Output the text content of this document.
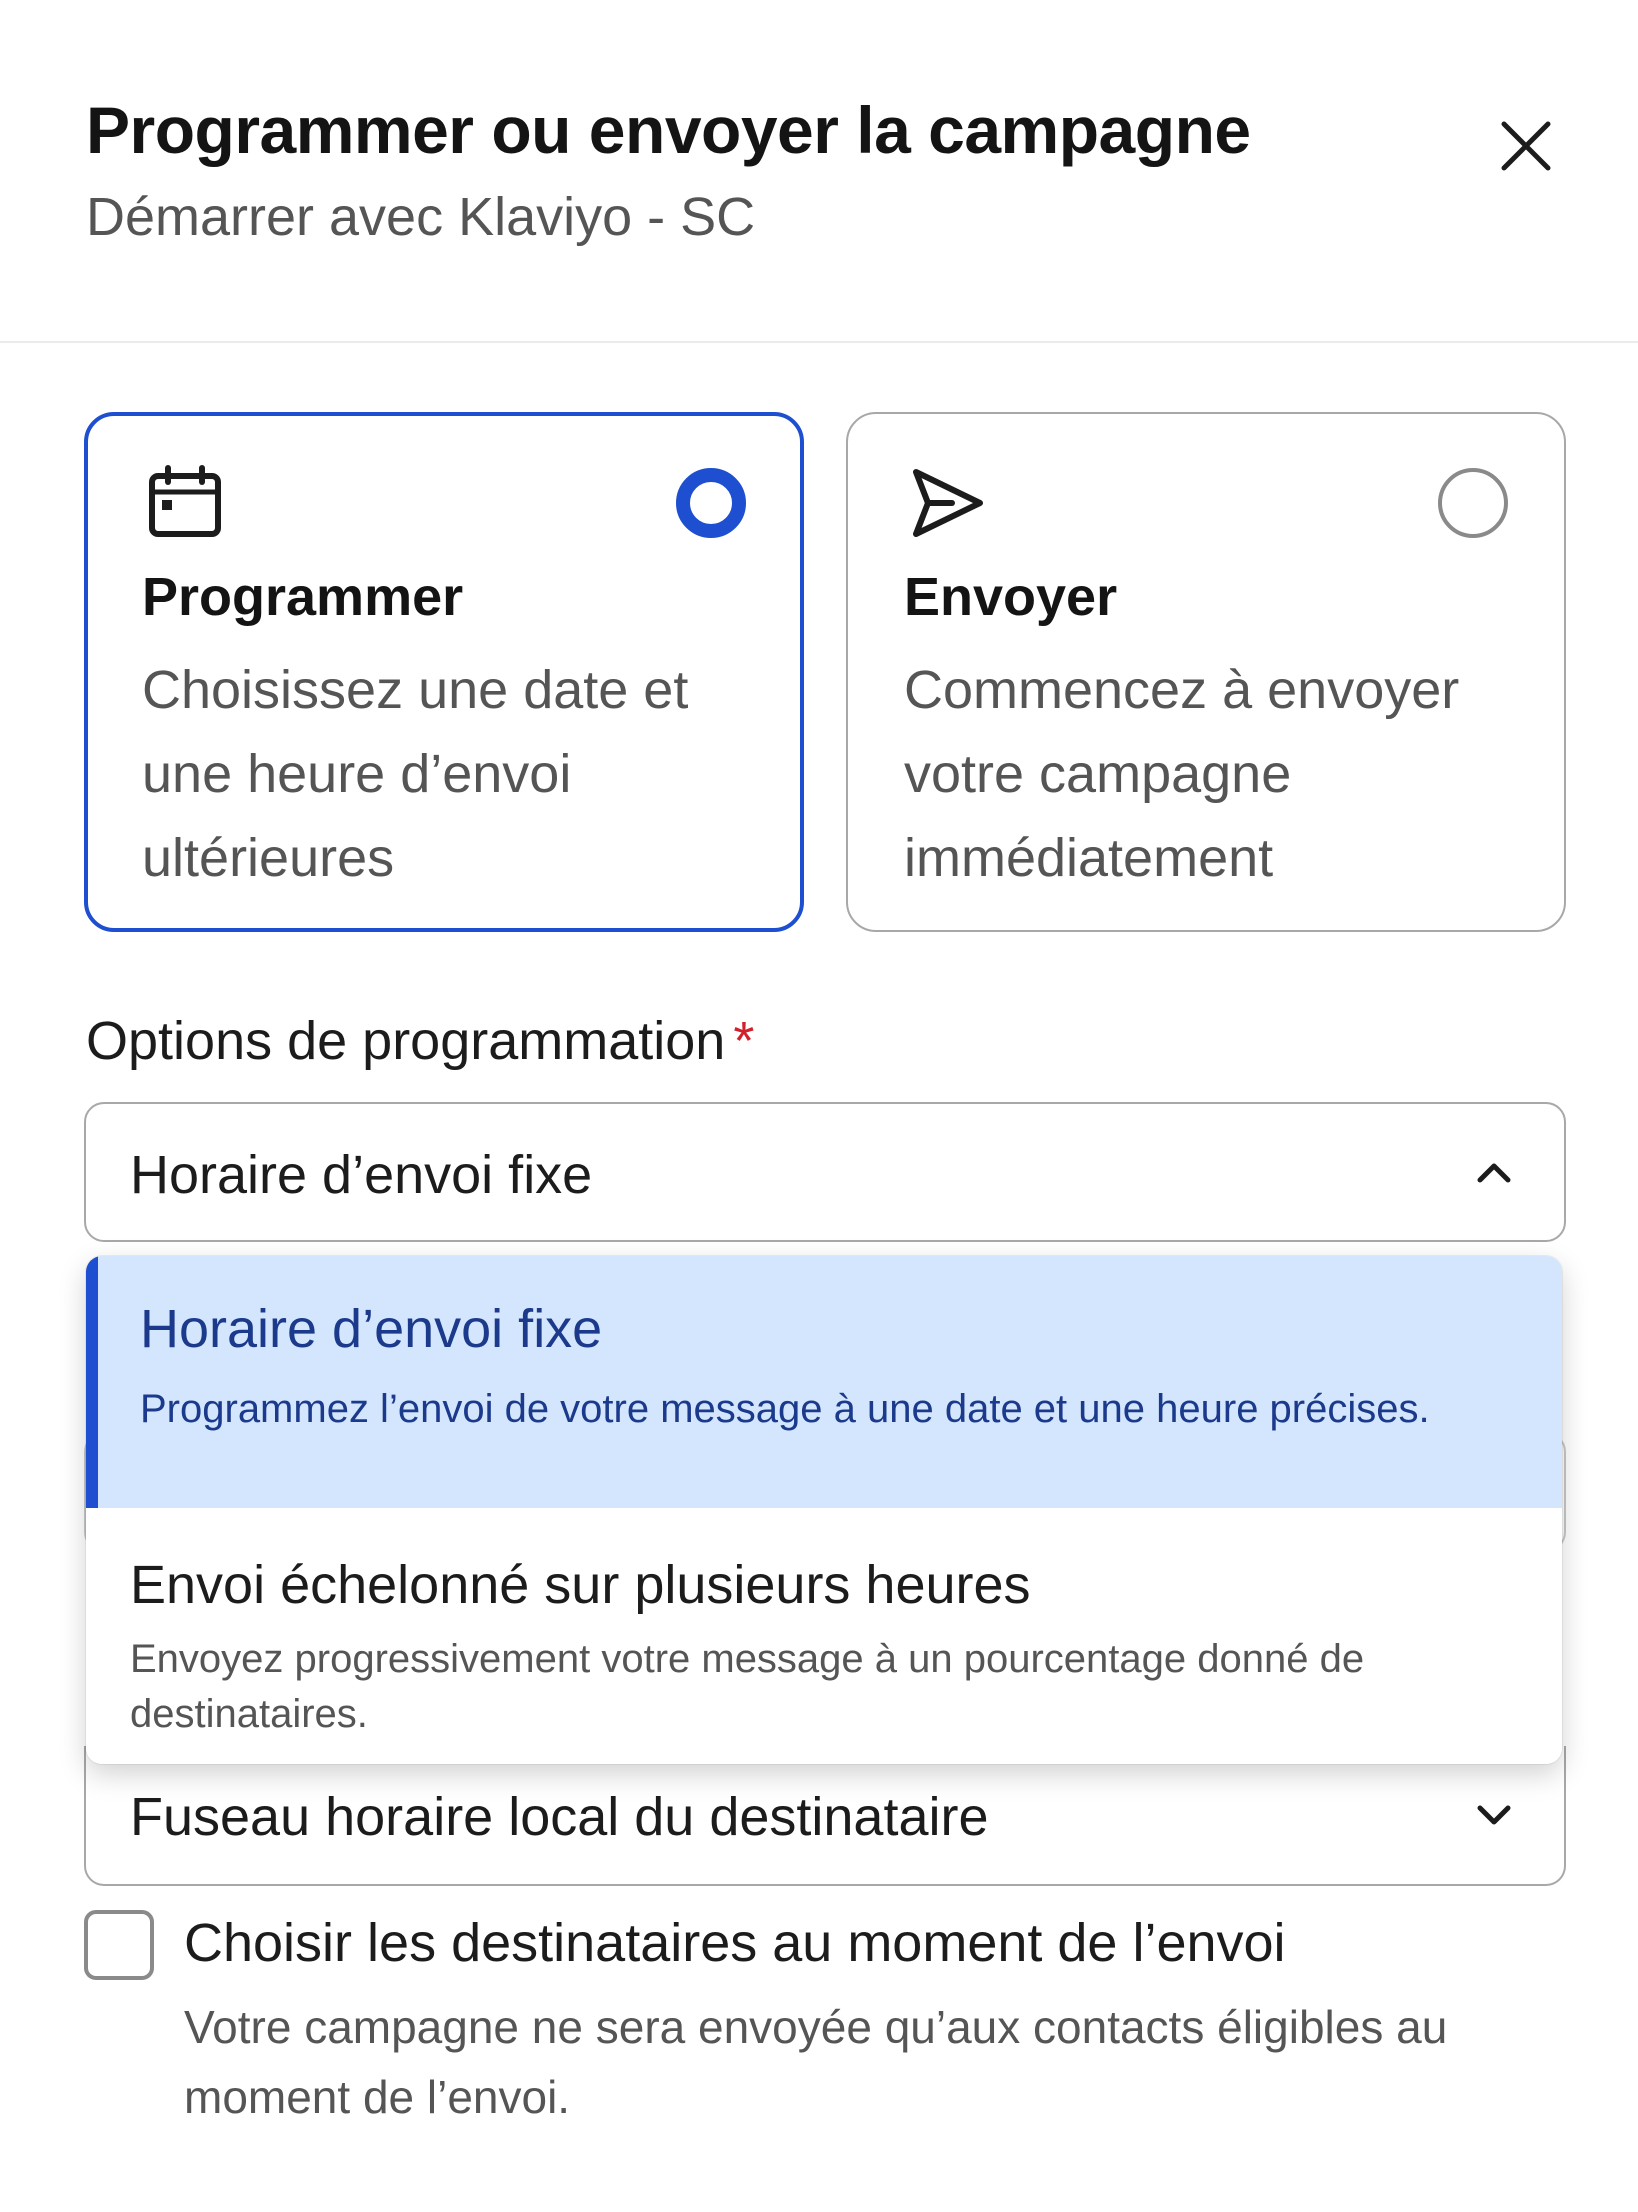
Programmer ou envoyer la campagne
Démarrer avec Klaviyo - SC
Programmer
Choisissez une date et une heure d’envoi ultérieures
Envoyer
Commencez à envoyer votre campagne immédiatement
Options de programmation *
Horaire d’envoi fixe
Fuseau horaire local du destinataire
Horaire d’envoi fixe
Programmez l’envoi de votre message à une date et une heure précises.
Envoi échelonné sur plusieurs heures
Envoyez progressivement votre message à un pourcentage donné de destinataires.
Choisir les destinataires au moment de l’envoi
Votre campagne ne sera envoyée qu’aux contacts éligibles au moment de l’envoi.
